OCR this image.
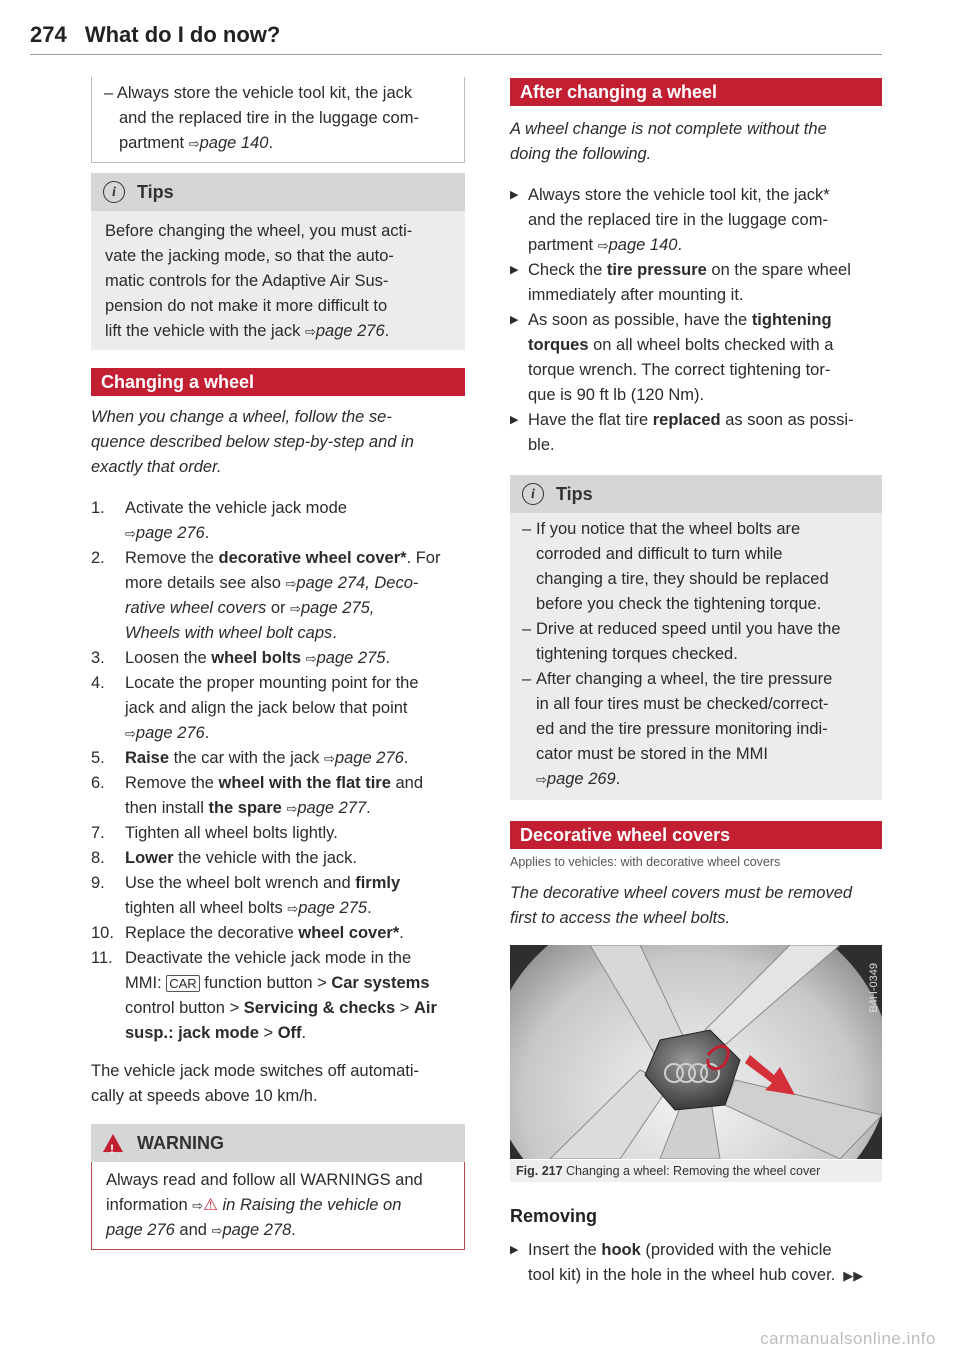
274 What do I do now?

– Always store the vehicle tool kit, the jack

and the replaced tire in the luggage com-

partment ⇨page 140.

i	Tips

Before changing the wheel, you must acti-

vate the jacking mode, so that the auto-

matic controls for the Adaptive Air Sus-

pension do not make it more difficult to

lift the vehicle with the jack ⇨page 276.

Changing a wheel

When you change a wheel, follow the se-

quence described below step-by-step and in

exactly that order.

1.	Activate the vehicle jack mode
⇨page 276.
2.	Remove the decorative wheel cover*. For
more details see also ⇨page 274, Deco-
rative wheel covers or ⇨page 275,
Wheels with wheel bolt caps.
3.	Loosen the wheel bolts ⇨page 275.
4.	Locate the proper mounting point for the
jack and align the jack below that point
⇨page 276.
5.	Raise the car with the jack ⇨page 276.
6.	Remove the wheel with the flat tire and
then install the spare ⇨page 277.
7.	Tighten all wheel bolts lightly.
8.	Lower the vehicle with the jack.
9.	Use the wheel bolt wrench and firmly
tighten all wheel bolts ⇨page 275.
10. Replace the decorative wheel cover*.
11. Deactivate the vehicle jack mode in the
MMI: CAR function button > Car systems
control button > Servicing & checks > Air
susp.: jack mode > Off.

The vehicle jack mode switches off automati-

cally at speeds above 10 km/h.

!
WARNING

Always read and follow all WARNINGS and

information ⇨⚠ in Raising the vehicle on
page 276 and ⇨page 278.

After changing a wheel

A wheel change is not complete without the

doing the following.

▶ Always store the vehicle tool kit, the jack*
and the replaced tire in the luggage com-
partment ⇨page 140.
▶ Check the tire pressure on the spare wheel
immediately after mounting it.
▶ As soon as possible, have the tightening
torques on all wheel bolts checked with a
torque wrench. The correct tightening tor-
que is 90 ft lb (120 Nm).
▶ Have the flat tire replaced as soon as possi-
ble.
i	Tips
– If you notice that the wheel bolts are
corroded and difficult to turn while
changing a tire, they should be replaced
before you check the tightening torque.
– Drive at reduced speed until you have the
tightening torques checked.
– After changing a wheel, the tire pressure
in all four tires must be checked/correct-
ed and the tire pressure monitoring indi-
cator must be stored in the MMI
⇨page 269.
Decorative wheel covers
Applies to vehicles: with decorative wheel covers

The decorative wheel covers must be removed

first to access the wheel bolts.

B4H-0349
Fig. 217 Changing a wheel: Removing the wheel cover
Removing
▶ Insert the hook (provided with the vehicle
tool kit) in the hole in the wheel hub cover. ▶▶
carmanualsonline.info
